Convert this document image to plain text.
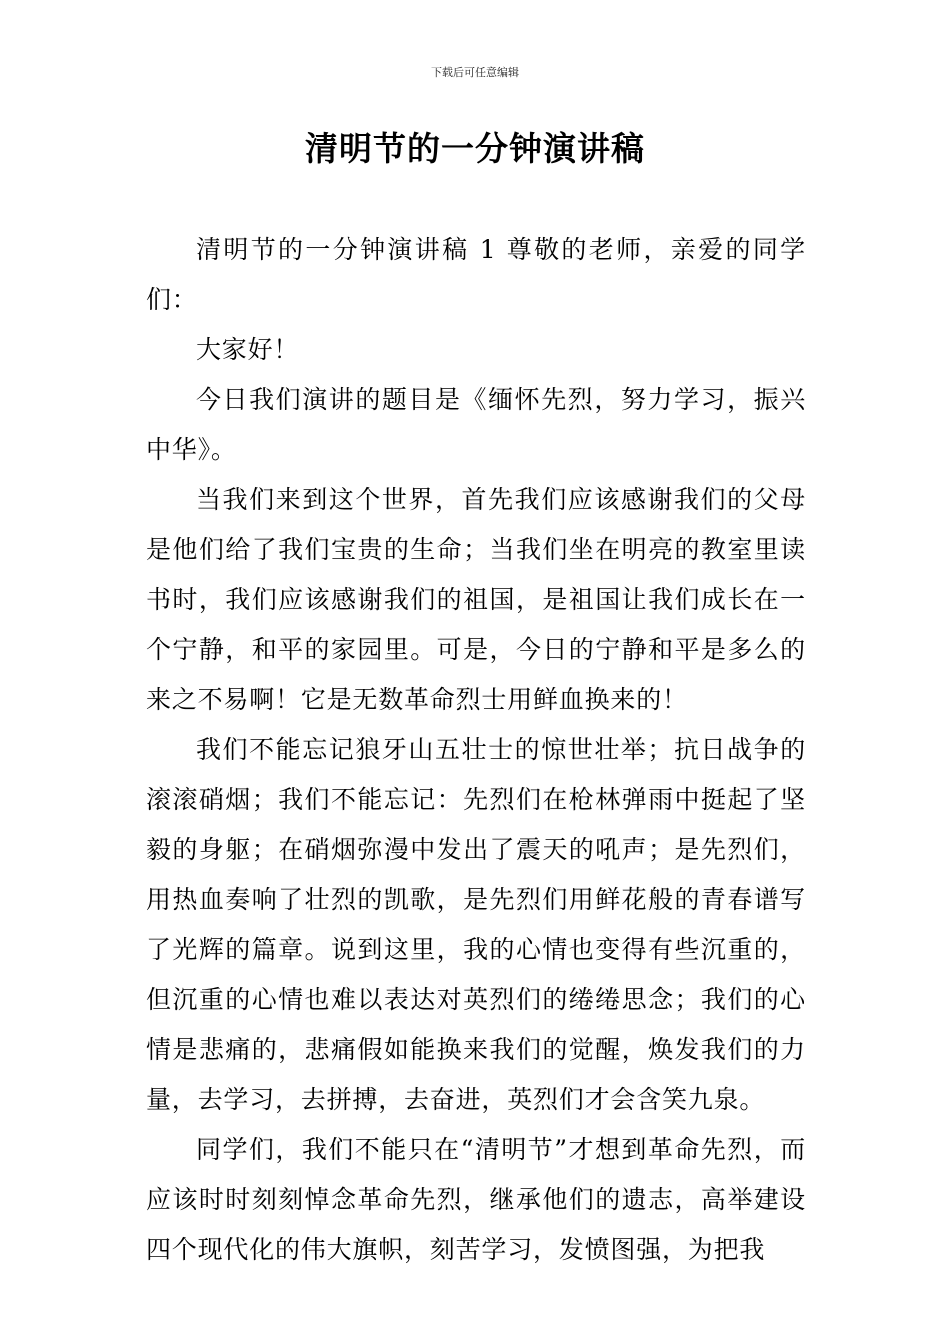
下载后可任意编辑
清明节的一分钟演讲稿

清明节的一分钟演讲稿 1 尊敬的老师，亲爱的同学们：

大家好！

今日我们演讲的题目是《缅怀先烈，努力学习，振兴中华》。

当我们来到这个世界，首先我们应该感谢我们的父母是他们给了我们宝贵的生命；当我们坐在明亮的教室里读书时，我们应该感谢我们的祖国，是祖国让我们成长在一个宁静，和平的家园里。可是，今日的宁静和平是多么的来之不易啊！它是无数革命烈士用鲜血换来的！

我们不能忘记狼牙山五壮士的惊世壮举；抗日战争的滚滚硝烟；我们不能忘记：先烈们在枪林弹雨中挺起了坚毅的身躯；在硝烟弥漫中发出了震天的吼声；是先烈们，用热血奏响了壮烈的凯歌，是先烈们用鲜花般的青春谱写了光辉的篇章。说到这里，我的心情也变得有些沉重的，但沉重的心情也难以表达对英烈们的绻绻思念；我们的心情是悲痛的，悲痛假如能换来我们的觉醒，焕发我们的力量，去学习，去拼搏，去奋进，英烈们才会含笑九泉。

同学们，我们不能只在“清明节”才想到革命先烈，而应该时时刻刻悼念革命先烈，继承他们的遗志，高举建设四个现代化的伟大旗帜，刻苦学习，发愤图强，为把我
